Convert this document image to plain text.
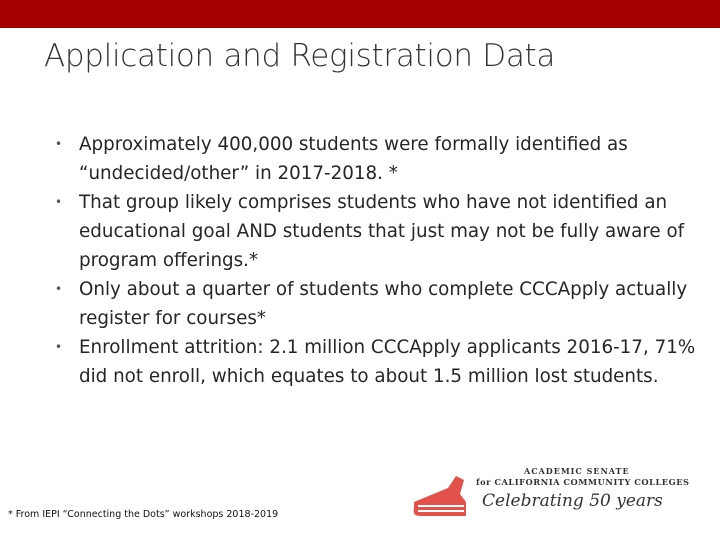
Application and Registration Data
• Approximately 400,000 students were formally identified as “undecided/other” in 2017-2018. *
• That group likely comprises students who have not identified an educational goal AND students that just may not be fully aware of program offerings.*
• Only about a quarter of students who complete CCCApply actually register for courses*
• Enrollment attrition: 2.1 million CCCApply applicants 2016-17, 71% did not enroll, which equates to about 1.5 million lost students.
* From IEPI “Connecting the Dots” workshops 2018-2019
ACADEMIC SENATE
for CALIFORNIA COMMUNITY COLLEGES
Celebrating 50 years
